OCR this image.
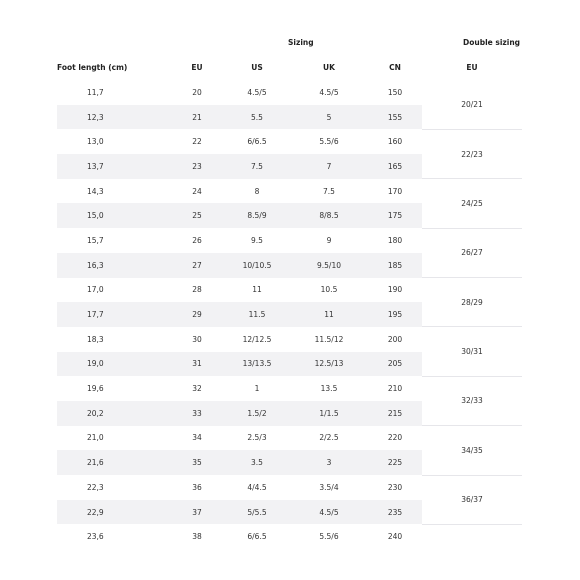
Sizing	Double sizing
Foot length (cm)	EU	US	UK	CN	EU
11,7	20	4.5/5	4.5/5	150	20/21
12,3	21	5.5	5	155	
13,0	22	6/6.5	5.5/6	160	22/23
13,7	23	7.5	7	165	
14,3	24	8	7.5	170	24/25
15,0	25	8.5/9	8/8.5	175	
15,7	26	9.5	9	180	26/27
16,3	27	10/10.5	9.5/10	185	
17,0	28	11	10.5	190	28/29
17,7	29	11.5	11	195	
18,3	30	12/12.5	11.5/12	200	30/31
19,0	31	13/13.5	12.5/13	205	
19,6	32	1	13.5	210	32/33
20,2	33	1.5/2	1/1.5	215	
21,0	34	2.5/3	2/2.5	220	34/35
21,6	35	3.5	3	225	
22,3	36	4/4.5	3.5/4	230	36/37
22,9	37	5/5.5	4.5/5	235	
23,6	38	6/6.5	5.5/6	240	
